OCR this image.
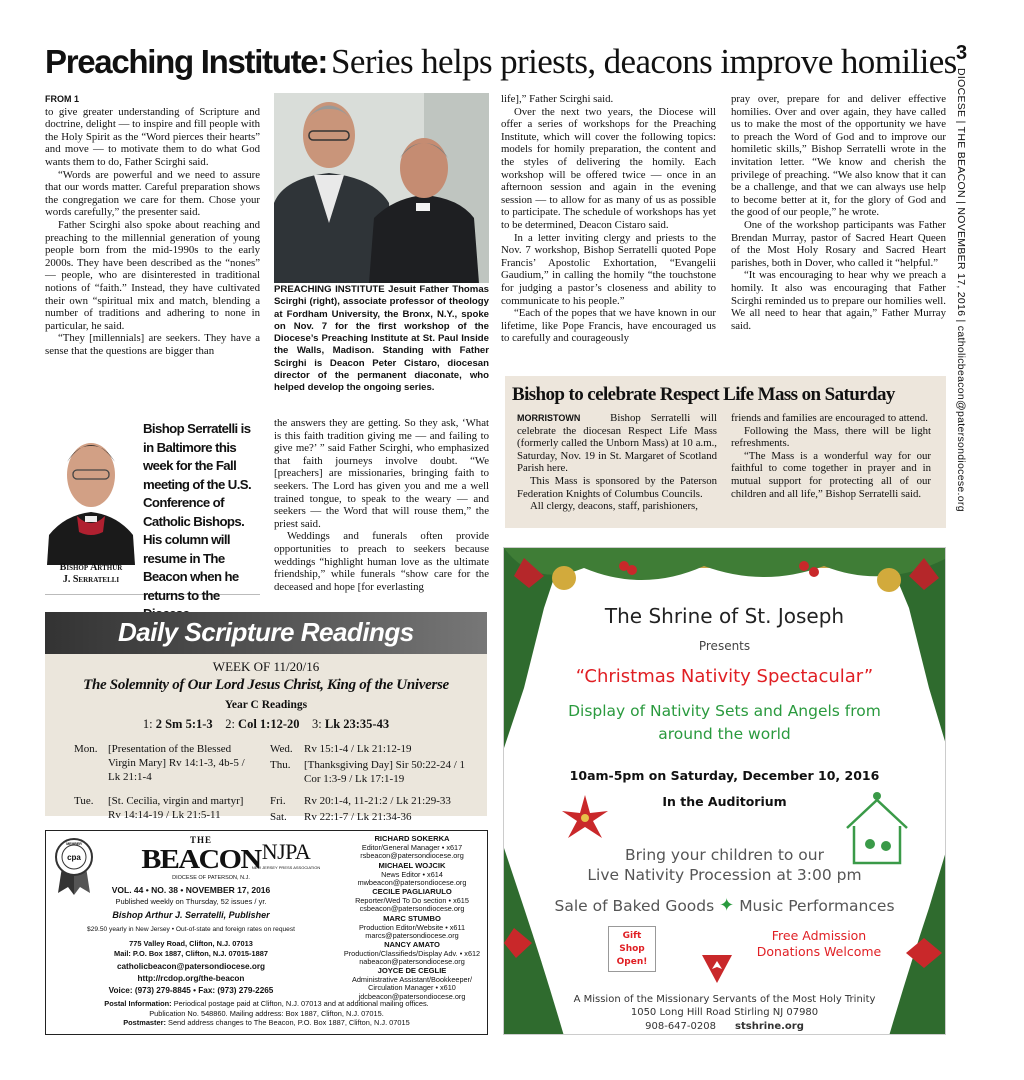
Preaching Institute: Series helps priests, deacons improve homilies 3
DIOCESE | THE BEACON | NOVEMBER 17, 2016 | catholicbeacon@patersondiocese.org
FROM 1

to give greater understanding of Scripture and doctrine, delight — to inspire and fill people with the Holy Spirit as the “Word pierces their hearts” and move — to motivate them to do what God wants them to do, Father Scirghi said.

“Words are powerful and we need to assure that our words matter. Careful preparation shows the congregation we care for them. Chose your words carefully,” the presenter said.

Father Scirghi also spoke about reaching and preaching to the millennial generation of young people born from the mid-1990s to the early 2000s. They have been described as the “nones” — people, who are disinterested in traditional notions of “faith.” Instead, they have cultivated their own “spiritual mix and match, blending a number of traditions and adhering to none in particular, he said.

“They [millennials] are seekers. They have a sense that the questions are bigger than

PREACHING INSTITUTE Jesuit Father Thomas Scirghi (right), associate professor of theology at Fordham University, the Bronx, N.Y., spoke on Nov. 7 for the first workshop of the Diocese’s Preaching Institute at St. Paul Inside the Walls, Madison. Standing with Father Scirghi is Deacon Peter Cistaro, diocesan director of the permanent diaconate, who helped develop the ongoing series.
Bishop Arthur
J. Serratelli
Bishop Serratelli is in Baltimore this week for the Fall meeting of the U.S. Conference of Catholic Bishops. His column will resume in The Beacon when he returns to the

the answers they are getting. So they ask, ‘What is this faith tradition giving me — and failing to give me?’ ” said Father Scirghi, who emphasized that faith journeys involve doubt. “We [preachers] are missionaries, bringing faith to seekers. The Lord has given you and me a well trained tongue, to speak to the weary — and seekers — the Word that will rouse them,” the priest said.

Weddings and funerals often provide opportunities to preach to seekers because weddings “highlight human love as the ultimate friendship,” while funerals “show care for the deceased and hope [for everlasting

life],” Father Scirghi said.

Over the next two years, the Diocese will offer a series of workshops for the Preaching Institute, which will cover the following topics: models for homily preparation, the content and the styles of delivering the homily. Each workshop will be offered twice — once in an afternoon session and again in the evening session — to allow for as many of us as possible to participate. The schedule of workshops has yet to be determined, Deacon Cistaro said.

In a letter inviting clergy and priests to the Nov. 7 workshop, Bishop Serratelli quoted Pope Francis’ Apostolic Exhortation, “Evangelii Gaudium,” in calling the homily “the touchstone for judging a pastor’s closeness and ability to communicate to his people.”

“Each of the popes that we have known in our lifetime, like Pope Francis, have encouraged us to carefully and courageously

pray over, prepare for and deliver effective homilies. Over and over again, they have called us to make the most of the opportunity we have to preach the Word of God and to improve our homiletic skills,” Bishop Serratelli wrote in the invitation letter. “We know and cherish the privilege of preaching. “We also know that it can be a challenge, and that we can always use help to become better at it, for the glory of God and the good of our people,” he wrote.

One of the workshop participants was Father Brendan Murray, pastor of Sacred Heart Queen of the Most Holy Rosary and Sacred Heart parishes, both in Dover, who called it “helpful.”

“It was encouraging to hear why we preach a homily. It also was encouraging that Father Scirghi reminded us to prepare our homilies well. We all need to hear that again,” Father Murray said.

Bishop to celebrate Respect Life Mass on Saturday

MORRISTOWN	Bishop Serratelli will celebrate the diocesan Respect Life Mass (formerly called the Unborn Mass) at 10 a.m., Saturday, Nov. 19 in St. Margaret of Scotland Parish here.

This Mass is sponsored by the Paterson Federation Knights of Columbus Councils.

All clergy, deacons, staff, parishioners,

friends and families are encouraged to attend.

Following the Mass, there will be light refreshments.

“The Mass is a wonderful way for our faithful to come together in prayer and in mutual support for protecting all of our children and all life,” Bishop Serratelli said.

Daily Scripture Readings
WEEK OF 11/20/16
The Solemnity of Our Lord Jesus Christ, King of the Universe
Year C Readings
1: 2 Sm 5:1-3 2: Col 1:12-20 3: Lk 23:35-43
Mon.	[Presentation of the Blessed Virgin Mary] Rv 14:1-3, 4b-5 / Lk 21:1-4

Tue.	[St. Cecilia, virgin and martyr] Rv 14:14-19 / Lk 21:5-11
Wed.	Rv 15:1-4 / Lk 21:12-19
Thu.	[Thanksgiving Day] Sir 50:22-24 / 1 Cor 1:3-9 / Lk 17:1-19

Fri.	Rv 20:1-4, 11-21:2 / Lk 21:29-33
Sat.	Rv 22:1-7 / Lk 21:34-36
The Shrine of St. Joseph
Presents
“Christmas Nativity Spectacular”
Display of Nativity Sets and Angels from
around the world
10am-5pm on Saturday, December 10, 2016
In the Auditorium
Bring your children to our
Live Nativity Procession at 3:00 pm
Sale of Baked Goods ✦ Music Performances
Gift
Shop
Open!
Free Admission
Donations Welcome
A Mission of the Missionary Servants of the Most Holy Trinity
1050 Long Hill Road Stirling NJ 07980
908-647-0208 stshrine.org
cpa
MEMBER	THE
BEACON NJPA
NEW JERSEY PRESS ASSOCIATION
DIOCESE OF PATERSON, N.J.
VOL. 44 • NO. 38 • NOVEMBER 17, 2016
Published weekly on Thursday, 52 issues / yr.
Bishop Arthur J. Serratelli, Publisher
$29.50 yearly in New Jersey • Out-of-state and foreign rates on request
775 Valley Road, Clifton, N.J. 07013
Mail: P.O. Box 1887, Clifton, N.J. 07015-1887
catholicbeacon@patersondiocese.org
http://rcdop.org/the-beacon
Voice: (973) 279-8845 • Fax: (973) 279-2265
RICHARD SOKERKA
Editor/General Manager • x617
rsbeacon@patersondiocese.org
MICHAEL WOJCIK
News Editor • x614
mwbeacon@patersondiocese.org
CECILE PAGLIARULO
Reporter/Wed To Do section • x615
csbeacon@patersondiocese.org
MARC STUMBO
Production Editor/Website • x611
marcs@patersondiocese.org
NANCY AMATO
Production/Classifieds/Display Adv. • x612
nabeacon@patersondiocese.org
JOYCE DE CEGLIE
Administrative Assistant/Bookkeeper/
Circulation Manager • x610
jdcbeacon@patersondiocese.org
Postal Information: Periodical postage paid at Clifton, N.J. 07013 and at additional mailing offices.
Publication No. 548860. Mailing address: Box 1887, Clifton, N.J. 07015.
Postmaster: Send address changes to The Beacon, P.O. Box 1887, Clifton, N.J. 07015
